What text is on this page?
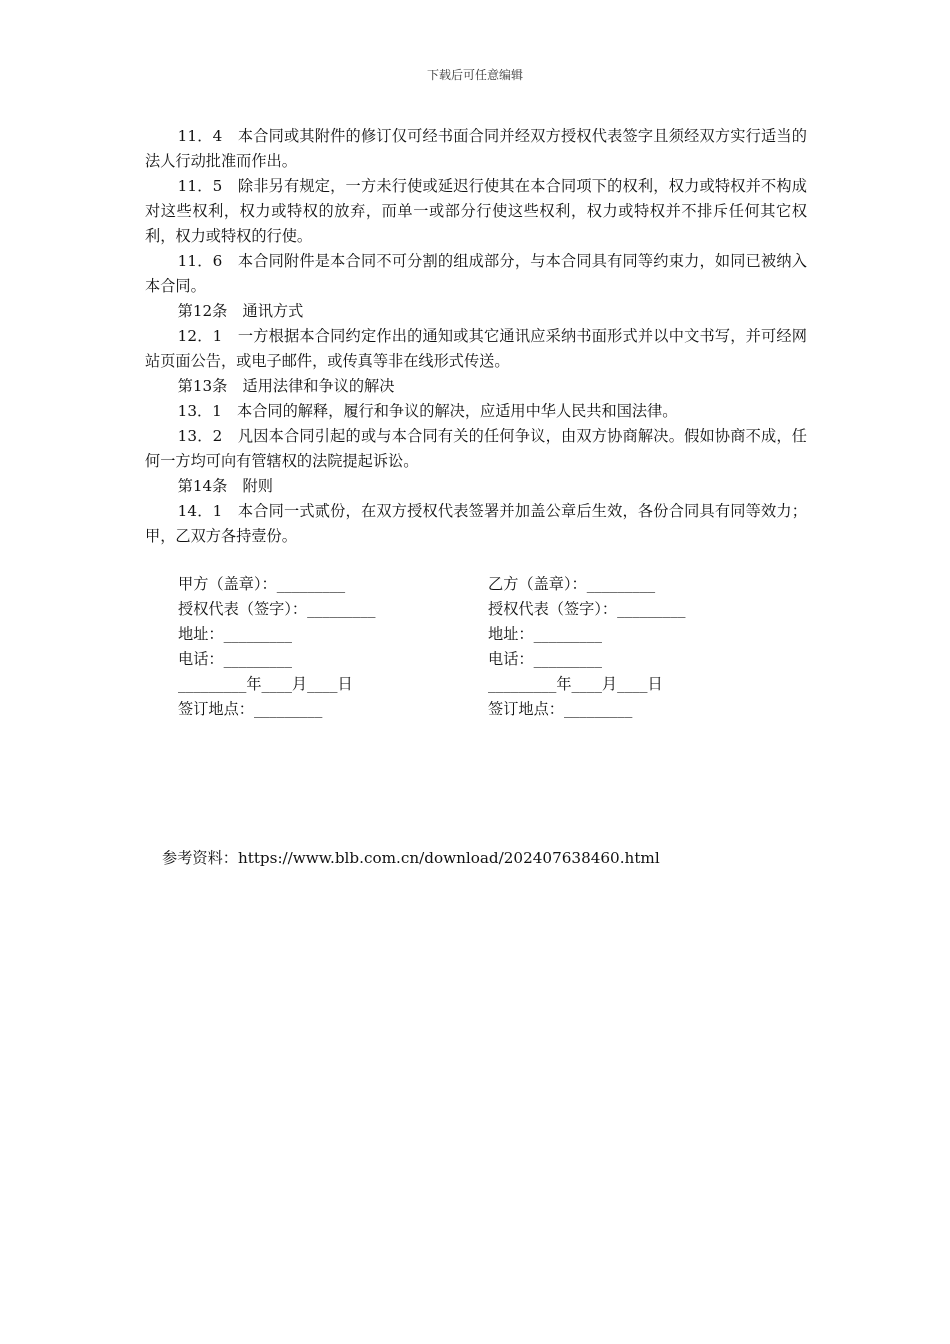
下载后可任意编辑

11．4　本合同或其附件的修订仅可经书面合同并经双方授权代表签字且须经双方实行适当的法人行动批准而作出。

11．5　除非另有规定，一方未行使或延迟行使其在本合同项下的权利，权力或特权并不构成对这些权利，权力或特权的放弃，而单一或部分行使这些权利，权力或特权并不排斥任何其它权利，权力或特权的行使。

11．6　本合同附件是本合同不可分割的组成部分，与本合同具有同等约束力，如同已被纳入本合同。

第12条　通讯方式

12．1　一方根据本合同约定作出的通知或其它通讯应采纳书面形式并以中文书写，并可经网站页面公告，或电子邮件，或传真等非在线形式传送。

第13条　适用法律和争议的解决

13．1　本合同的解释，履行和争议的解决，应适用中华人民共和国法律。

13．2　凡因本合同引起的或与本合同有关的任何争议，由双方协商解决。假如协商不成，任何一方均可向有管辖权的法院提起诉讼。

第14条　附则

14．1　本合同一式贰份，在双方授权代表签署并加盖公章后生效，各份合同具有同等效力；甲，乙双方各持壹份。

甲方（盖章）：_________	乙方（盖章）：_________
授权代表（签字）：_________	授权代表（签字）：_________
地址：_________	地址：_________
电话：_________	电话：_________
_________年____月____日	_________年____月____日
签订地点：_________	签订地点：_________
参考资料：https://www.blb.com.cn/download/202407638460.html
